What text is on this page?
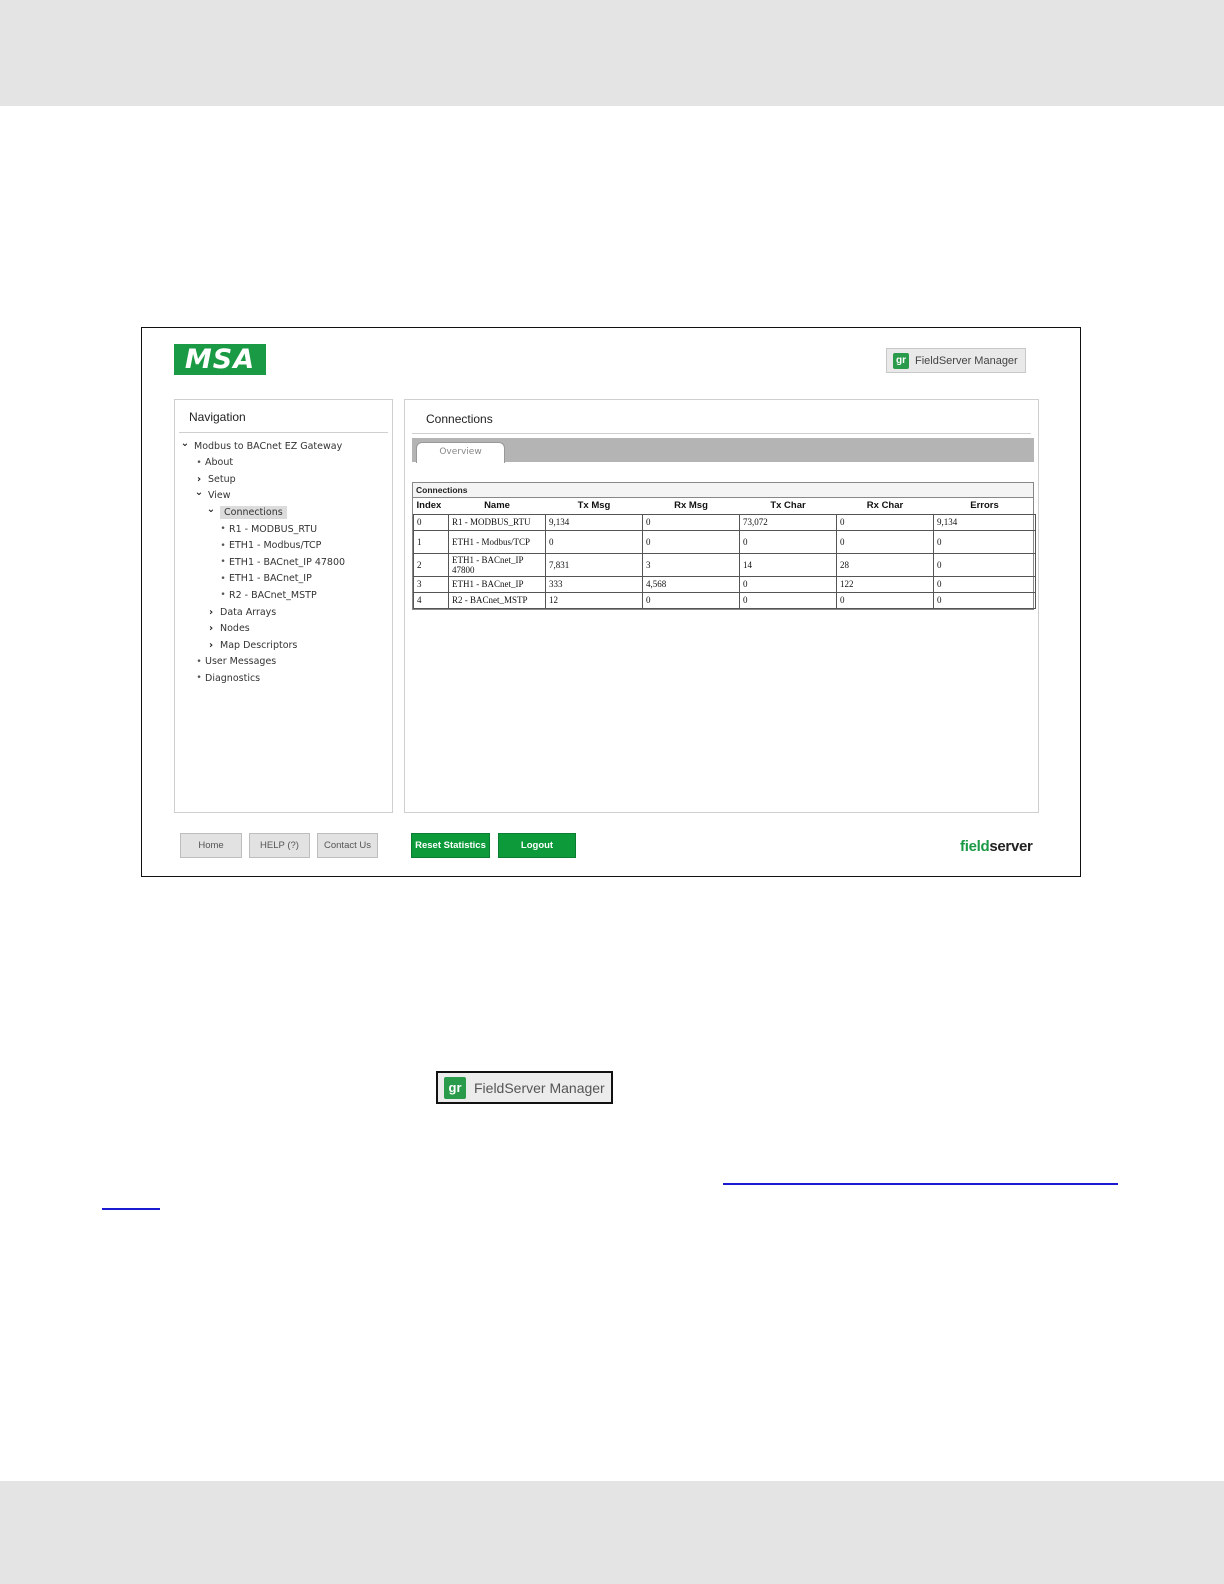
MSA	gr FieldServer Manager
Navigation
⌄ Modbus to BACnet EZ Gateway
• About
› Setup
⌄ View
⌄ Connections
• R1 - MODBUS_RTU
• ETH1 - Modbus/TCP
• ETH1 - BACnet_IP 47800
• ETH1 - BACnet_IP
• R2 - BACnet_MSTP
› Data Arrays
› Nodes
› Map Descriptors
• User Messages
• Diagnostics
Connections
Overview
Connections
Index	Name	Tx Msg	Rx Msg	Tx Char	Rx Char	Errors
0	R1 - MODBUS_RTU	9,134	0	73,072	0	9,134
1	ETH1 - Modbus/TCP	0	0	0	0	0
2	ETH1 - BACnet_IP 47800	7,831	3	14	28	0
3	ETH1 - BACnet_IP	333	4,568	0	122	0
4	R2 - BACnet_MSTP	12	0	0	0	0
Home	HELP (?)	Contact Us	Reset Statistics	Logout	fieldserver
gr FieldServer Manager
